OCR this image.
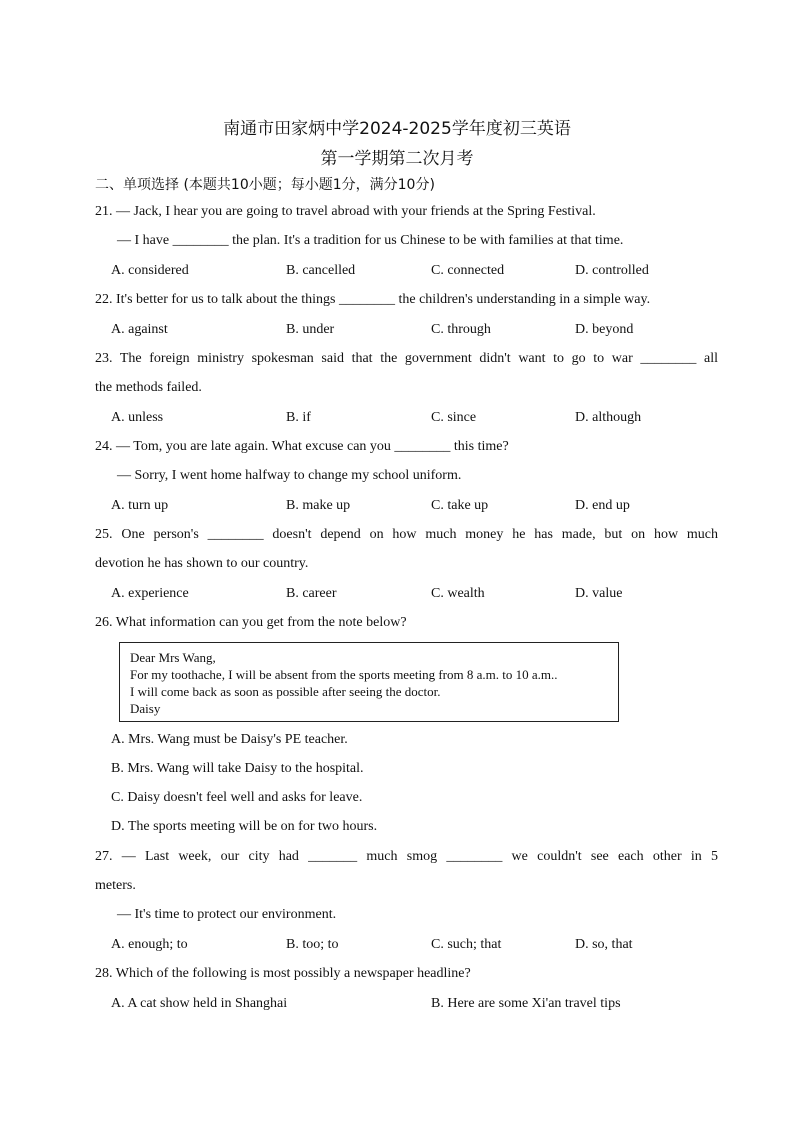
南通市田家炳中学2024-2025学年度初三英语
第一学期第二次月考
二、单项选择 (本题共10小题；每小题1分，满分10分)
21. — Jack, I hear you are going to travel abroad with your friends at the Spring Festival.
— I have ________ the plan. It's a tradition for us Chinese to be with families at that time.
A. considered	B. cancelled	C. connected	D. controlled
22. It's better for us to talk about the things ________ the children's understanding in a simple way.
A. against	B. under	C. through	D. beyond
23. The foreign ministry spokesman said that the government didn't want to go to war ________ all
the methods failed.
A. unless	B. if	C. since	D. although
24. — Tom, you are late again. What excuse can you ________ this time?
— Sorry, I went home halfway to change my school uniform.
A. turn up	B. make up	C. take up	D. end up
25. One person's ________ doesn't depend on how much money he has made, but on how much
devotion he has shown to our country.
A. experience	B. career	C. wealth	D. value
26. What information can you get from the note below?
Dear Mrs Wang,
For my toothache, I will be absent from the sports meeting from 8 a.m. to 10 a.m..
I will come back as soon as possible after seeing the doctor.
Daisy
A. Mrs. Wang must be Daisy's PE teacher.
B. Mrs. Wang will take Daisy to the hospital.
C. Daisy doesn't feel well and asks for leave.
D. The sports meeting will be on for two hours.
27. — Last week, our city had _______ much smog ________ we couldn't see each other in 5
meters.
— It's time to protect our environment.
A. enough; to	B. too; to	C. such; that	D. so, that
28. Which of the following is most possibly a newspaper headline?
A. A cat show held in Shanghai	B. Here are some Xi'an travel tips
